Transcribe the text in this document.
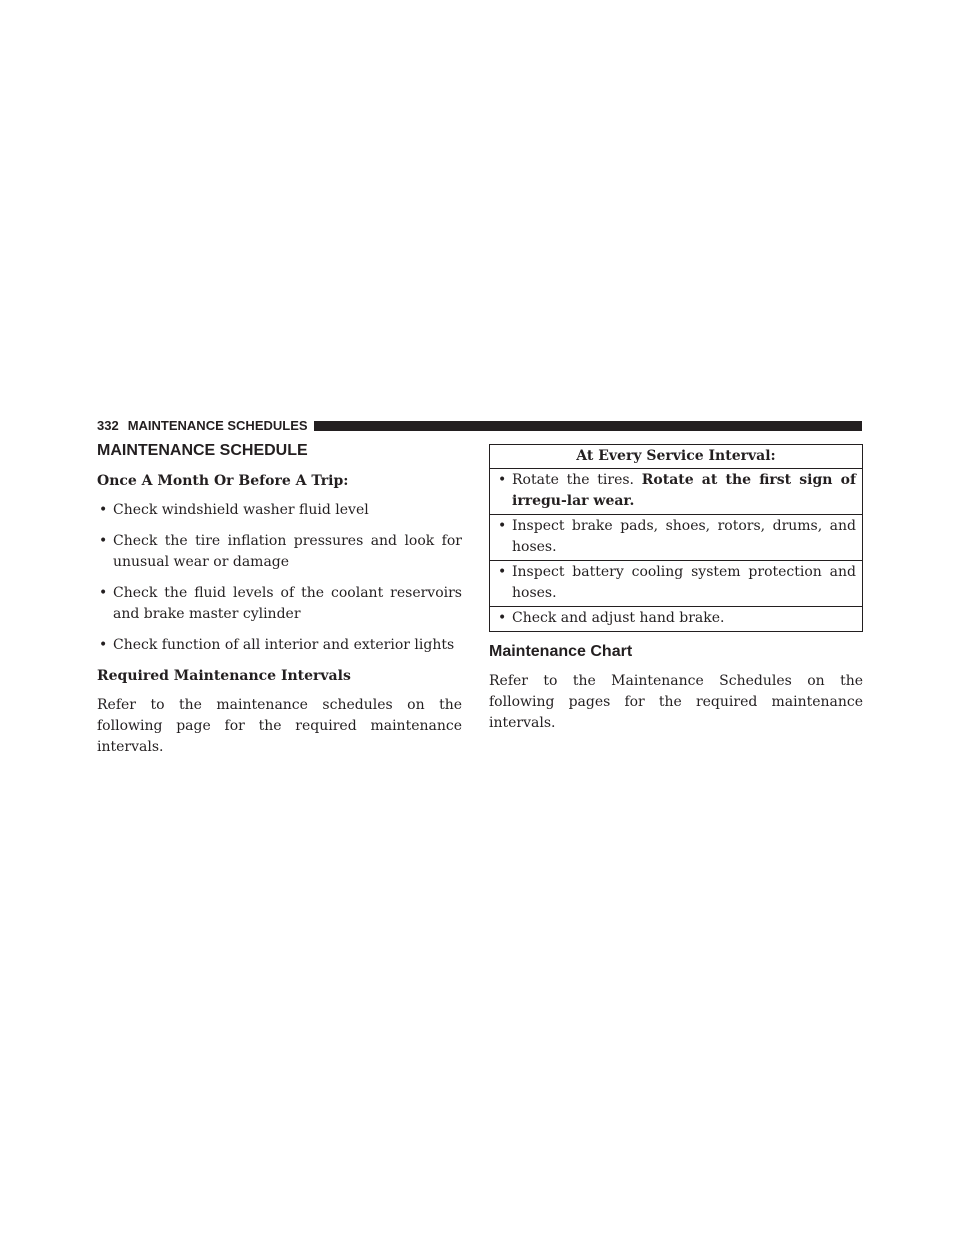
332 MAINTENANCE SCHEDULES
MAINTENANCE SCHEDULE

Once A Month Or Before A Trip:

• Check windshield washer fluid level
• Check the tire inflation pressures and look for unusual wear or damage
• Check the fluid levels of the coolant reservoirs and brake master cylinder
• Check function of all interior and exterior lights

Required Maintenance Intervals

Refer to the maintenance schedules on the following page for the required maintenance intervals.

At Every Service Interval:

• Rotate the tires. Rotate at the first sign of irregu-lar wear.

• Inspect brake pads, shoes, rotors, drums, and hoses.

• Inspect battery cooling system protection and hoses.

• Check and adjust hand brake.
Maintenance Chart

Refer to the Maintenance Schedules on the following pages for the required maintenance intervals.
